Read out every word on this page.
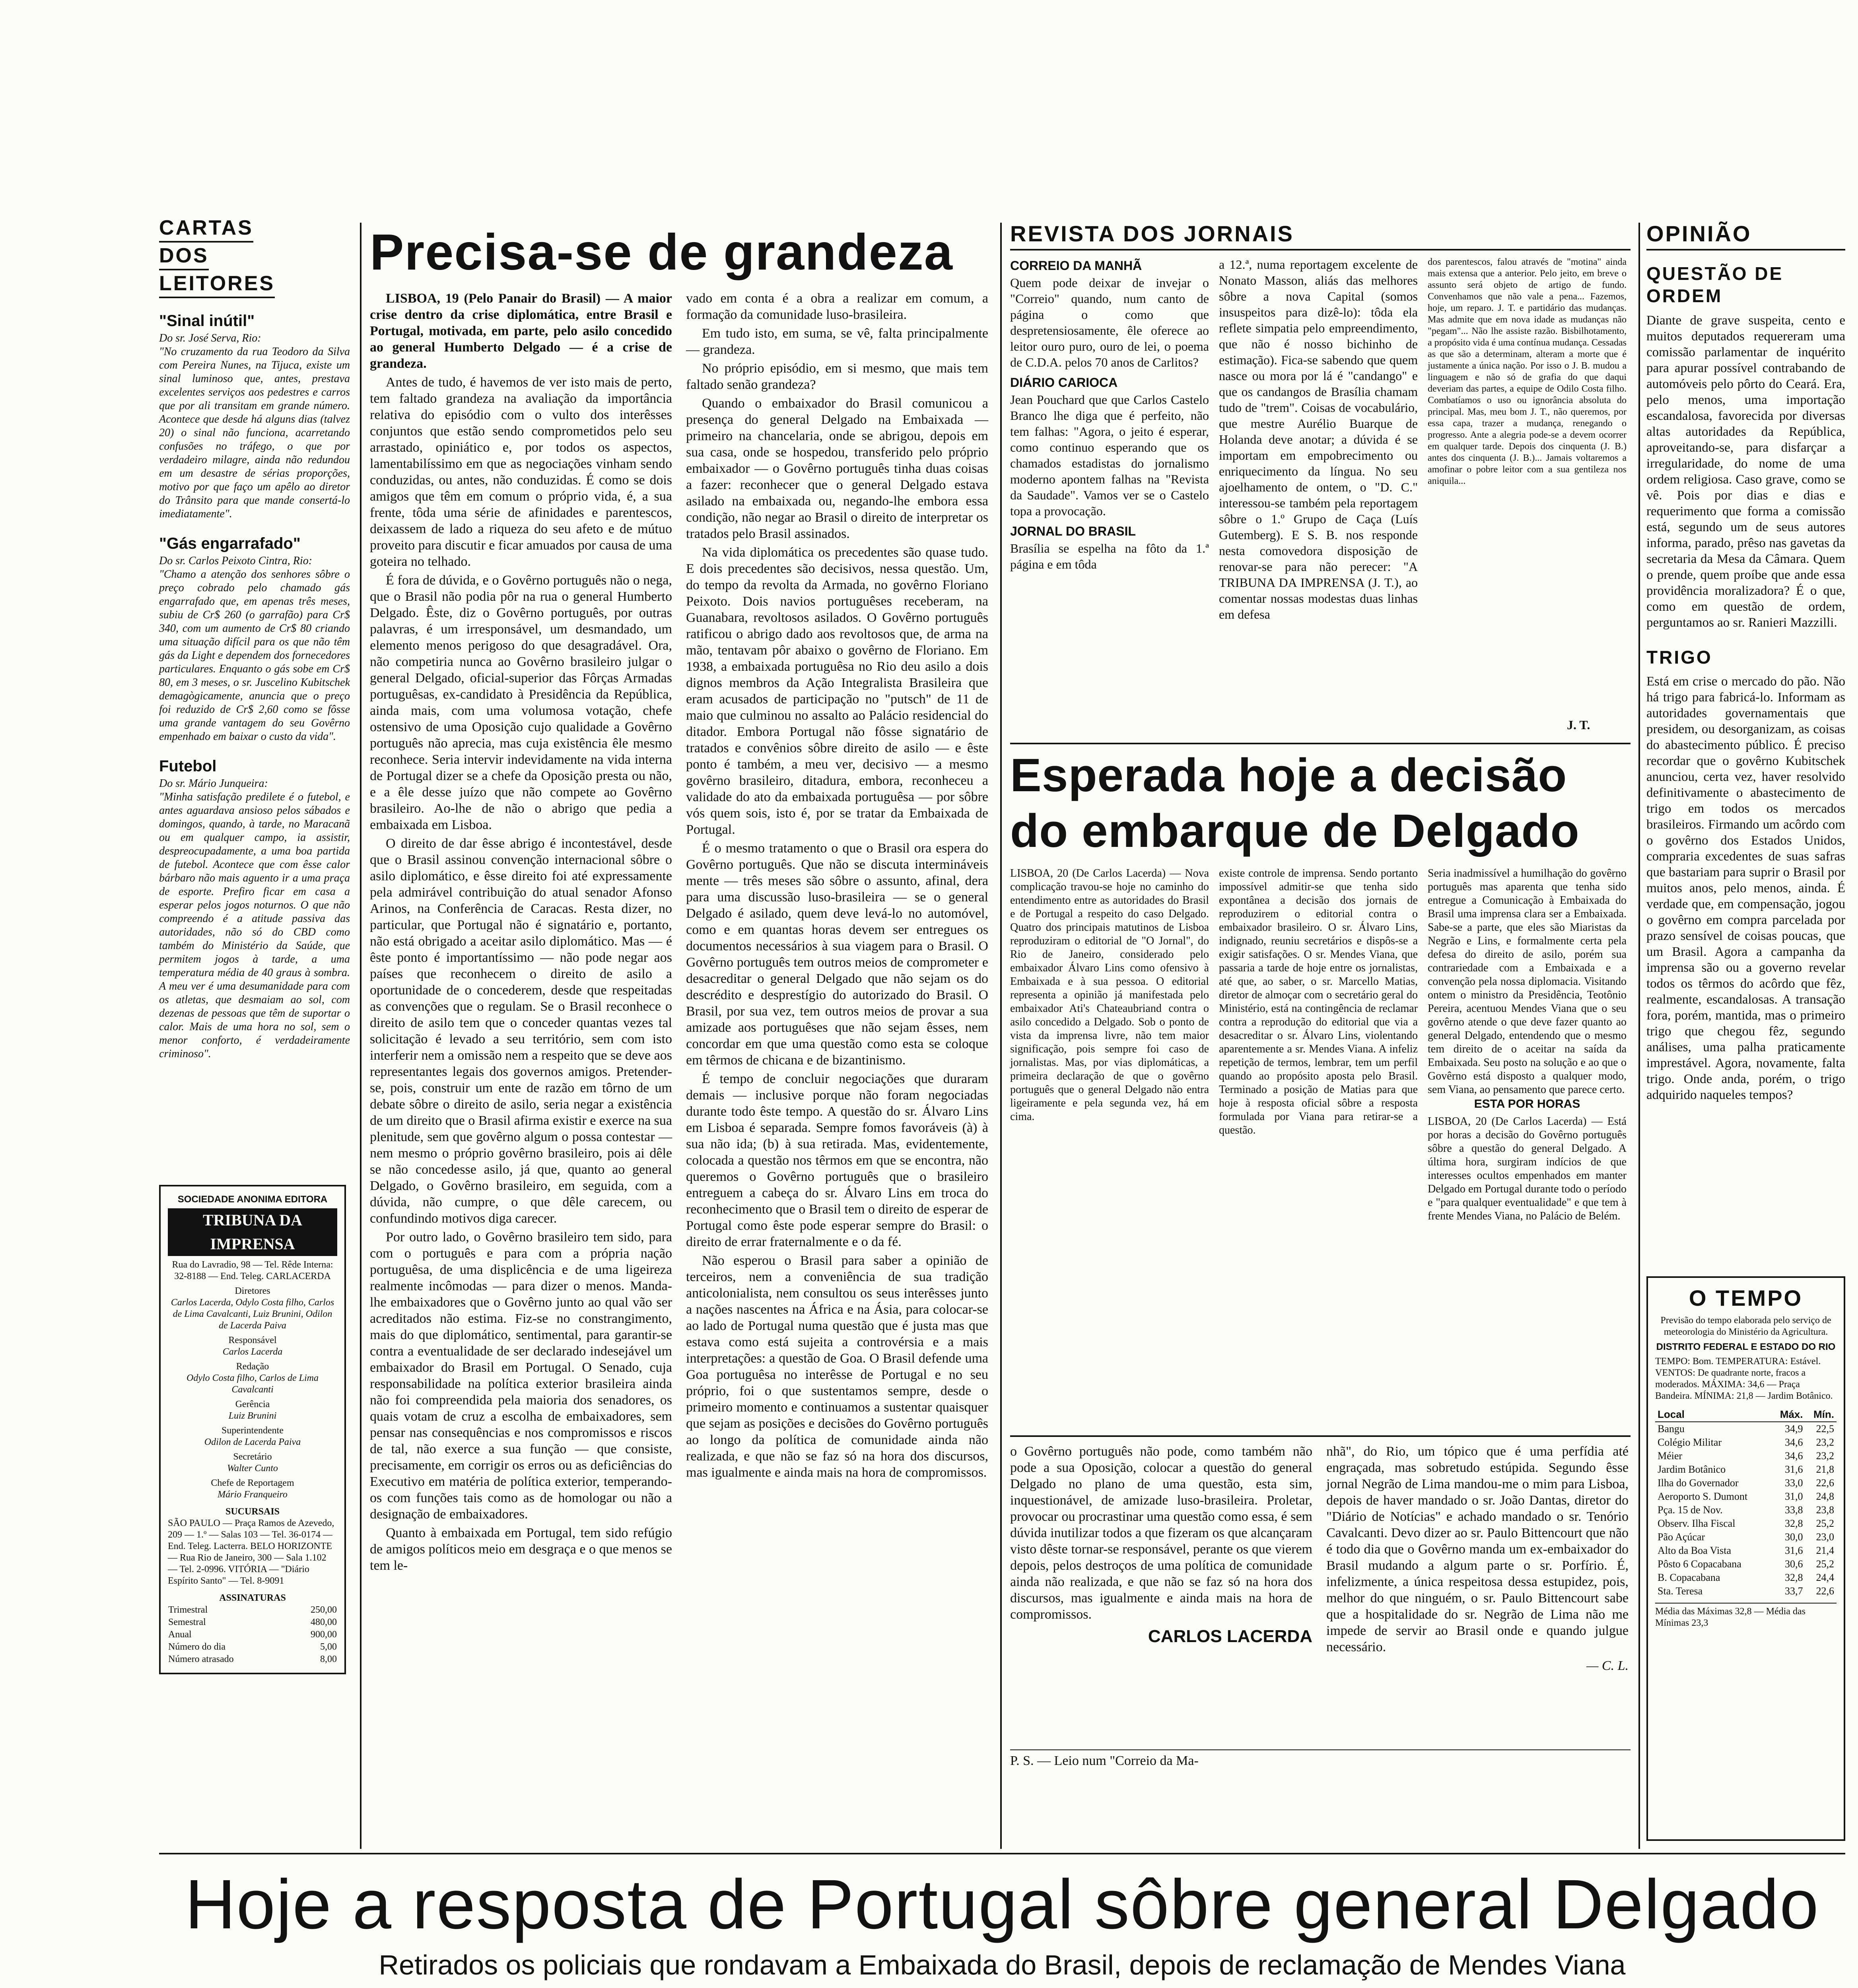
CARTAS
DOS
LEITORES
"Sinal inútil"
Do sr. José Serva, Rio:
"No cruzamento da rua Teodoro da Silva com Pereira Nunes, na Tijuca, existe um sinal luminoso que, antes, prestava excelentes serviços aos pedestres e carros que por ali transitam em grande número. Acontece que desde há alguns dias (talvez 20) o sinal não funciona, acarretando confusões no tráfego, o que por verdadeiro milagre, ainda não redundou em um desastre de sérias proporções, motivo por que faço um apêlo ao diretor do Trânsito para que mande consertá-lo imediatamente".
"Gás engarrafado"
Do sr. Carlos Peixoto Cintra, Rio:
"Chamo a atenção dos senhores sôbre o preço cobrado pelo chamado gás engarrafado que, em apenas três meses, subiu de Cr$ 260 (o garrafão) para Cr$ 340, com um aumento de Cr$ 80 criando uma situação difícil para os que não têm gás da Light e dependem dos fornecedores particulares. Enquanto o gás sobe em Cr$ 80, em 3 meses, o sr. Juscelino Kubitschek demagògicamente, anuncia que o preço foi reduzido de Cr$ 2,60 como se fôsse uma grande vantagem do seu Govêrno empenhado em baixar o custo da vida".
Futebol
Do sr. Mário Junqueira:
"Minha satisfação predilete é o futebol, e antes aguardava ansioso pelos sábados e domingos, quando, à tarde, no Maracanã ou em qualquer campo, ia assistir, despreocupadamente, a uma boa partida de futebol. Acontece que com êsse calor bárbaro não mais aguento ir a uma praça de esporte. Prefiro ficar em casa a esperar pelos jogos noturnos. O que não compreendo é a atitude passiva das autoridades, não só do CBD como também do Ministério da Saúde, que permitem jogos à tarde, a uma temperatura média de 40 graus à sombra. A meu ver é uma desumanidade para com os atletas, que desmaiam ao sol, com dezenas de pessoas que têm de suportar o calor. Mais de uma hora no sol, sem o menor conforto, é verdadeiramente criminoso".
SOCIEDADE ANONIMA EDITORA
TRIBUNA DA IMPRENSA
Rua do Lavradio, 98 — Tel. Rêde Interna: 32-8188 — End. Teleg. CARLACERDA
Diretores
Carlos Lacerda, Odylo Costa filho, Carlos de Lima Cavalcanti, Luiz Brunini, Odilon de Lacerda Paiva
Responsável
Carlos Lacerda
Redação
Odylo Costa filho, Carlos de Lima Cavalcanti
Gerência
Luiz Brunini
Superintendente
Odilon de Lacerda Paiva
Secretário
Walter Cunto
Chefe de Reportagem
Mário Franqueiro
SUCURSAIS
SÃO PAULO — Praça Ramos de Azevedo, 209 — 1.º — Salas 103 — Tel. 36-0174 — End. Teleg. Lacterra. BELO HORIZONTE — Rua Rio de Janeiro, 300 — Sala 1.102 — Tel. 2-0996. VITÓRIA — "Diário Espírito Santo" — Tel. 8-9091
ASSINATURAS
Trimestral	250,00
Semestral	480,00
Anual	900,00
Número do dia	5,00
Número atrasado	8,00
Precisa-se de grandeza

LISBOA, 19 (Pelo Panair do Brasil) — A maior crise dentro da crise diplomática, entre Brasil e Portugal, motivada, em parte, pelo asilo concedido ao general Humberto Delgado — é a crise de grandeza.

Antes de tudo, é havemos de ver isto mais de perto, tem faltado grandeza na avaliação da importância relativa do episódio com o vulto dos interêsses conjuntos que estão sendo comprometidos pelo seu arrastado, opiniático e, por todos os aspectos, lamentabilíssimo em que as negociações vinham sendo conduzidas, ou antes, não conduzidas. É como se dois amigos que têm em comum o próprio vida, é, a sua frente, tôda uma série de afinidades e parentescos, deixassem de lado a riqueza do seu afeto e de mútuo proveito para discutir e ficar amuados por causa de uma goteira no telhado.

É fora de dúvida, e o Govêrno português não o nega, que o Brasil não podia pôr na rua o general Humberto Delgado. Êste, diz o Govêrno português, por outras palavras, é um irresponsável, um desmandado, um elemento menos perigoso do que desagradável. Ora, não competiria nunca ao Govêrno brasileiro julgar o general Delgado, oficial-superior das Fôrças Armadas portuguêsas, ex-candidato à Presidência da República, ainda mais, com uma volumosa votação, chefe ostensivo de uma Oposição cujo qualidade a Govêrno português não aprecia, mas cuja existência êle mesmo reconhece. Seria intervir indevidamente na vida interna de Portugal dizer se a chefe da Oposição presta ou não, e a êle desse juízo que não compete ao Govêrno brasileiro. Ao-lhe de não o abrigo que pedia a embaixada em Lisboa.

O direito de dar êsse abrigo é incontestável, desde que o Brasil assinou convenção internacional sôbre o asilo diplomático, e êsse direito foi até expressamente pela admirável contribuição do atual senador Afonso Arinos, na Conferência de Caracas. Resta dizer, no particular, que Portugal não é signatário e, portanto, não está obrigado a aceitar asilo diplomático. Mas — é êste ponto é importantíssimo — não pode negar aos países que reconhecem o direito de asilo a oportunidade de o concederem, desde que respeitadas as convenções que o regulam. Se o Brasil reconhece o direito de asilo tem que o conceder quantas vezes tal solicitação é levado a seu território, sem com isto interferir nem a omissão nem a respeito que se deve aos representantes legais dos governos amigos. Pretender-se, pois, construir um ente de razão em tôrno de um debate sôbre o direito de asilo, seria negar a existência de um direito que o Brasil afirma existir e exerce na sua plenitude, sem que govêrno algum o possa contestar — nem mesmo o próprio govêrno brasileiro, pois ai dêle se não concedesse asilo, já que, quanto ao general Delgado, o Govêrno brasileiro, em seguida, com a dúvida, não cumpre, o que dêle carecem, ou confundindo motivos diga carecer.

Por outro lado, o Govêrno brasileiro tem sido, para com o português e para com a própria nação portuguêsa, de uma displicência e de uma ligeireza realmente incômodas — para dizer o menos. Manda-lhe embaixadores que o Govêrno junto ao qual vão ser acreditados não estima. Fiz-se no constrangimento, mais do que diplomático, sentimental, para garantir-se contra a eventualidade de ser declarado indesejável um embaixador do Brasil em Portugal. O Senado, cuja responsabilidade na política exterior brasileira ainda não foi compreendida pela maioria dos senadores, os quais votam de cruz a escolha de embaixadores, sem pensar nas consequências e nos compromissos e riscos de tal, não exerce a sua função — que consiste, precisamente, em corrigir os erros ou as deficiências do Executivo em matéria de política exterior, temperando-os com funções tais como as de homologar ou não a designação de embaixadores.

Quanto à embaixada em Portugal, tem sido refúgio de amigos políticos meio em desgraça e o que menos se tem le-

vado em conta é a obra a realizar em comum, a formação da comunidade luso-brasileira.

Em tudo isto, em suma, se vê, falta principalmente — grandeza.

No próprio episódio, em si mesmo, que mais tem faltado senão grandeza?

Quando o embaixador do Brasil comunicou a presença do general Delgado na Embaixada — primeiro na chancelaria, onde se abrigou, depois em sua casa, onde se hospedou, transferido pelo próprio embaixador — o Govêrno português tinha duas coisas a fazer: reconhecer que o general Delgado estava asilado na embaixada ou, negando-lhe embora essa condição, não negar ao Brasil o direito de interpretar os tratados pelo Brasil assinados.

Na vida diplomática os precedentes são quase tudo. E dois precedentes são decisivos, nessa questão. Um, do tempo da revolta da Armada, no govêrno Floriano Peixoto. Dois navios portuguêses receberam, na Guanabara, revoltosos asilados. O Govêrno português ratificou o abrigo dado aos revoltosos que, de arma na mão, tentavam pôr abaixo o govêrno de Floriano. Em 1938, a embaixada portuguêsa no Rio deu asilo a dois dignos membros da Ação Integralista Brasileira que eram acusados de participação no "putsch" de 11 de maio que culminou no assalto ao Palácio residencial do ditador. Embora Portugal não fôsse signatário de tratados e convênios sôbre direito de asilo — e êste ponto é também, a meu ver, decisivo — a mesmo govêrno brasileiro, ditadura, embora, reconheceu a validade do ato da embaixada portuguêsa — por sôbre vós quem sois, isto é, por se tratar da Embaixada de Portugal.

É o mesmo tratamento o que o Brasil ora espera do Govêrno português. Que não se discuta intermináveis mente — três meses são sôbre o assunto, afinal, dera para uma discussão luso-brasileira — se o general Delgado é asilado, quem deve levá-lo no automóvel, como e em quantas horas devem ser entregues os documentos necessários à sua viagem para o Brasil. O Govêrno português tem outros meios de comprometer e desacreditar o general Delgado que não sejam os do descrédito e desprestígio do autorizado do Brasil. O Brasil, por sua vez, tem outros meios de provar a sua amizade aos portuguêses que não sejam êsses, nem concordar em que uma questão como esta se coloque em têrmos de chicana e de bizantinismo.

É tempo de concluir negociações que duraram demais — inclusive porque não foram negociadas durante todo êste tempo. A questão do sr. Álvaro Lins em Lisboa é separada. Sempre fomos favoráveis (à) à sua não ida; (b) à sua retirada. Mas, evidentemente, colocada a questão nos têrmos em que se encontra, não queremos o Govêrno português que o brasileiro entreguem a cabeça do sr. Álvaro Lins em troca do reconhecimento que o Brasil tem o direito de esperar de Portugal como êste pode esperar sempre do Brasil: o direito de errar fraternalmente e o da fé.

Não esperou o Brasil para saber a opinião de terceiros, nem a conveniência de sua tradição anticolonialista, nem consultou os seus interêsses junto a nações nascentes na África e na Ásia, para colocar-se ao lado de Portugal numa questão que é justa mas que estava como está sujeita a controvérsia e a mais interpretações: a questão de Goa. O Brasil defende uma Goa portuguêsa no interêsse de Portugal e no seu próprio, foi o que sustentamos sempre, desde o primeiro momento e continuamos a sustentar quaisquer que sejam as posições e decisões do Govêrno português ao longo da política de comunidade ainda não realizada, e que não se faz só na hora dos discursos, mas igualmente e ainda mais na hora de compromissos.

REVISTA DOS JORNAIS
CORREIO DA MANHÃ
Quem pode deixar de invejar o "Correio" quando, num canto de página o como que despretensiosamente, êle oferece ao leitor ouro puro, ouro de lei, o poema de C.D.A. pelos 70 anos de Carlitos?
DIÁRIO CARIOCA
Jean Pouchard que que Carlos Castelo Branco lhe diga que é perfeito, não tem falhas: "Agora, o jeito é esperar, como continuo esperando que os chamados estadistas do jornalismo moderno apontem falhas na "Revista da Saudade". Vamos ver se o Castelo topa a provocação.
JORNAL DO BRASIL
Brasília se espelha na fôto da 1.ª página e em tôda
a 12.ª, numa reportagem excelente de Nonato Masson, aliás das melhores sôbre a nova Capital (somos insuspeitos para dizê-lo): tôda ela reflete simpatia pelo empreendimento, que não é nosso bichinho de estimação). Fica-se sabendo que quem nasce ou mora por lá é "candango" e que os candangos de Brasília chamam tudo de "trem". Coisas de vocabulário, que mestre Aurélio Buarque de Holanda deve anotar; a dúvida é se importam em empobrecimento ou enriquecimento da língua. No seu ajoelhamento de ontem, o "D. C." interessou-se também pela reportagem sôbre o 1.º Grupo de Caça (Luís Gutemberg). E S. B. nos responde nesta comovedora disposição de renovar-se para não perecer: "A TRIBUNA DA IMPRENSA (J. T.), ao comentar nossas modestas duas linhas em defesa
dos parentescos, falou através de "motina" ainda mais extensa que a anterior. Pelo jeito, em breve o assunto será objeto de artigo de fundo. Convenhamos que não vale a pena... Fazemos, hoje, um reparo. J. T. e partidário das mudanças. Mas admite que em nova idade as mudanças não "pegam"... Não lhe assiste razão. Bisbilhotamento, a propósito vida é uma contínua mudança. Cessadas as que são a determinam, alteram a morte que é justamente a única nação. Por isso o J. B. mudou a linguagem e não só de grafia do que daqui deveriam das partes, a equipe de Odilo Costa filho. Combatíamos o uso ou ignorância absoluta do principal. Mas, meu bom J. T., não queremos, por essa capa, trazer a mudança, renegando o progresso. Ante a alegria pode-se a devem ocorrer em qualquer tarde. Depois dos cinquenta (J. B.) antes dos cinquenta (J. B.)... Jamais voltaremos a amofinar o pobre leitor com a sua gentileza nos aniquila...
J. T.
Esperada hoje a decisão do embarque de Delgado
LISBOA, 20 (De Carlos Lacerda) — Nova complicação travou-se hoje no caminho do entendimento entre as autoridades do Brasil e de Portugal a respeito do caso Delgado. Quatro dos principais matutinos de Lisboa reproduziram o editorial de "O Jornal", do Rio de Janeiro, considerado pelo embaixador Álvaro Lins como ofensivo à Embaixada e à sua pessoa. O editorial representa a opinião já manifestada pelo embaixador Ati's Chateaubriand contra o asilo concedido a Delgado. Sob o ponto de vista da imprensa livre, não tem maior significação, pois sempre foi caso de jornalistas. Mas, por vias diplomáticas, a primeira declaração de que o govêrno português que o general Delgado não entra ligeiramente e pela segunda vez, há em cima.
existe controle de imprensa. Sendo portanto impossível admitir-se que tenha sido expontânea a decisão dos jornais de reproduzirem o editorial contra o embaixador brasileiro. O sr. Álvaro Lins, indignado, reuniu secretários e dispôs-se a exigir satisfações. O sr. Mendes Viana, que passaria a tarde de hoje entre os jornalistas, até que, ao saber, o sr. Marcello Matias, diretor de almoçar com o secretário geral do Ministério, está na contingência de reclamar contra a reprodução do editorial que via a desacreditar o sr. Álvaro Lins, violentando aparentemente a sr. Mendes Viana. A infeliz repetição de termos, lembrar, tem um perfil quando ao propósito aposta pelo Brasil. Terminado a posição de Matias para que hoje à resposta oficial sôbre a resposta formulada por Viana para retirar-se a questão.
Seria inadmissível a humilhação do govêrno português mas aparenta que tenha sido entregue a Comunicação à Embaixada do Brasil uma imprensa clara ser a Embaixada. Sabe-se a parte, que eles são Miaristas da Negrão e Lins, e formalmente certa pela defesa do direito de asilo, porém sua contrariedade com a Embaixada e a convenção pela nossa diplomacia. Visitando ontem o ministro da Presidência, Teotônio Pereira, acentuou Mendes Viana que o seu govêrno atende o que deve fazer quanto ao general Delgado, entendendo que o mesmo tem direito de o aceitar na saída da Embaixada. Seu posto na solução e ao que o Govêrno está disposto a qualquer modo, sem Viana, ao pensamento que parece certo.
ESTA POR HORAS
LISBOA, 20 (De Carlos Lacerda) — Está por horas a decisão do Govêrno português sôbre a questão do general Delgado. A última hora, surgiram indícios de que interesses ocultos empenhados em manter Delgado em Portugal durante todo o período e "para qualquer eventualidade" e que tem à frente Mendes Viana, no Palácio de Belém.

o Govêrno português não pode, como também não pode a sua Oposição, colocar a questão do general Delgado no plano de uma questão, esta sim, inquestionável, de amizade luso-brasileira. Proletar, provocar ou procrastinar uma questão como essa, é sem dúvida inutilizar todos a que fizeram os que alcançaram visto dêste tornar-se responsável, perante os que vierem depois, pelos destroços de uma política de comunidade ainda não realizada, e que não se faz só na hora dos discursos, mas igualmente e ainda mais na hora de compromissos.

CARLOS LACERDA

nhã", do Rio, um tópico que é uma perfídia até engraçada, mas sobretudo estúpida. Segundo êsse jornal Negrão de Lima mandou-me o mim para Lisboa, depois de haver mandado o sr. João Dantas, diretor do "Diário de Notícias" e achado mandado o sr. Tenório Cavalcanti. Devo dizer ao sr. Paulo Bittencourt que não é todo dia que o Govêrno manda um ex-embaixador do Brasil mudando a algum parte o sr. Porfírio. É, infelizmente, a única respeitosa dessa estupidez, pois, melhor do que ninguém, o sr. Paulo Bittencourt sabe que a hospitalidade do sr. Negrão de Lima não me impede de servir ao Brasil onde e quando julgue necessário.

— C. L.
P. S. — Leio num "Correio da Ma-
OPINIÃO
QUESTÃO DE ORDEM
Diante de grave suspeita, cento e muitos deputados requereram uma comissão parlamentar de inquérito para apurar possível contrabando de automóveis pelo pôrto do Ceará. Era, pelo menos, uma importação escandalosa, favorecida por diversas altas autoridades da República, aproveitando-se, para disfarçar a irregularidade, do nome de uma ordem religiosa. Caso grave, como se vê. Pois por dias e dias e requerimento que forma a comissão está, segundo um de seus autores informa, parado, prêso nas gavetas da secretaria da Mesa da Câmara. Quem o prende, quem proíbe que ande essa providência moralizadora? É o que, como em questão de ordem, perguntamos ao sr. Ranieri Mazzilli.
TRIGO
Está em crise o mercado do pão. Não há trigo para fabricá-lo. Informam as autoridades governamentais que presidem, ou desorganizam, as coisas do abastecimento público. É preciso recordar que o govêrno Kubitschek anunciou, certa vez, haver resolvido definitivamente o abastecimento de trigo em todos os mercados brasileiros. Firmando um acôrdo com o govêrno dos Estados Unidos, compraria excedentes de suas safras que bastariam para suprir o Brasil por muitos anos, pelo menos, ainda. É verdade que, em compensação, jogou o govêrno em compra parcelada por prazo sensível de coisas poucas, que um Brasil. Agora a campanha da imprensa são ou a governo revelar todos os têrmos do acôrdo que fêz, realmente, escandalosas. A transação fora, porém, mantida, mas o primeiro trigo que chegou fêz, segundo análises, uma palha praticamente imprestável. Agora, novamente, falta trigo. Onde anda, porém, o trigo adquirido naqueles tempos?
O TEMPO
Previsão do tempo elaborada pelo serviço de meteorologia do Ministério da Agricultura.
DISTRITO FEDERAL E ESTADO DO RIO
TEMPO: Bom. TEMPERATURA: Estável. VENTOS: De quadrante norte, fracos a moderados. MÁXIMA: 34,6 — Praça Bandeira. MÍNIMA: 21,8 — Jardim Botânico.
Local	Máx.	Mín.
Bangu	34,9	22,5
Colégio Militar	34,6	23,2
Méier	34,6	23,2
Jardim Botânico	31,6	21,8
Ilha do Governador	33,0	22,6
Aeroporto S. Dumont	31,0	24,8
Pça. 15 de Nov.	33,8	23,8
Observ. Ilha Fiscal	32,8	25,2
Pão Açúcar	30,0	23,0
Alto da Boa Vista	31,6	21,4
Pôsto 6 Copacabana	30,6	25,2
B. Copacabana	32,8	24,4
Sta. Teresa	33,7	22,6
Média das Máximas 32,8 — Média das Mínimas 23,3
Hoje a resposta de Portugal sôbre general Delgado
Retirados os policiais que rondavam a Embaixada do Brasil, depois de reclamação de Mendes Viana
